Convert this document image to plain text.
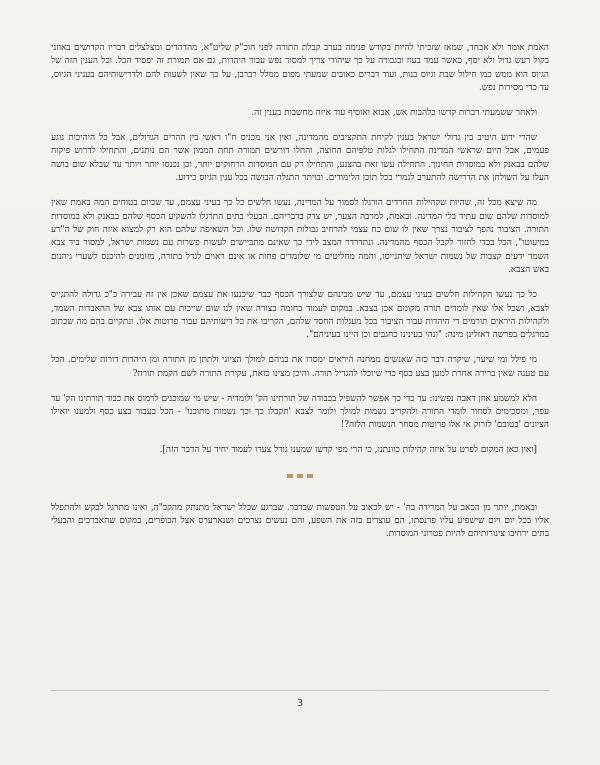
האמת אומר ולא אכחד, שמאז שזכיתי להיות בקודש פנימה בערב קבלת התורה לפני הוכ"ק שליט"א, מהדהדים ומצלצלים דבריו הקדושים באוזני בקול רעש גדול ולא יסף, כאשר עמד בעוז ובגבורה על כך שיהודי צריך למסור נפש עבור היהדות, גם אם תמורת זה יפסיד הכל. וכל הענין הזה של הגיוס הוא ממש כמו חילול שבת וגיוס בנות, ועוד דברים כאובים שמעתי מפום ממלל רברבן, על כך שאין לשעות להם ולדרישותיהם בעניני הגיוס, עד כדי מסירות נפש.

ולאחר ששמעתי דברות קדשו כלהבות אש, אבוא ואוסיף עוד איזה מחשבות בענין זה.

שהרי ידוע היטיב בין גדולי ישראל בענין לקיחת התקציבים מהמדינה, ואין אני מכניס ח"ו ראשי בין ההרים הגדולים, אבל כל היהיכות נוגע פעמים, אבל היום שראשי המדינה התחילו לגלות טלפיהם החוצה, והחלו דורשים תמורה תחת הממון אשר הם נותנים, והתחילו לדרוש פיקוח שלהם בבאנק ולא במוסדות החינוך. התחילה עשו זאת בהצנע, והתחילו רק עם המוסדות הרחוקים יותר, וכן נכנסו יותר ויותר עד שבלא שום בושה העלו על השולחן את הדרישה להתערב לגמרי בכל תוכן הלימודים. ובויתר התגלה הבושה בכל ענין הגיוס כידוע.

מה שיצא מכל זה, שהיות שקהילות החרדים הורגלו לסמוך על המדינה, נעשו חלשים כל כך בעיני עצמם, עד שכיום בטוחים המה באמת שאין למוסדות שלהם שום עתיד בלי המדינה. ובאמת, למרבה הצער, יש צדק בדבריהם. הבעלי בתים התרגלו להשקיע הכסף שלהם בבאנק ולא במוסדות התורה. הציבור נהפך לציבור נצרך שאין לו שום כח עצמי להרחיב גבולות הקדושה שלו. וכל השאיפה שלהם הוא רק למצוא איזה חוק של ה"רע במיעוטו", הכל בכדי לחזור לקבל הכסף מהמדינה. ונתדרדר המצב לידי כך שאינם מתביישים לעשות פשרות עם נשמות ישראל, למסור ביד צבא השמד ידעים קצבות של נשמות ישראל שיתגייסו, והמה מחליטים מי שלומדים פחות או אינם ראוים לגדל בתורה, מזומנים להיכנס לשערי גיהנום באש הצבא.

כל כך נעשו הקהילות חלשים בעיני עצמם, עד שיש מבינהם שלצורך הכסף כבר שיכנעו את עצמם שאכן אין זה עבירה כ"כ גדולה להתגייס לצבא, ושכל אלו שאין לומדים תורה מקומם אכן בצבא. במקום לעמוד כחומה בצורה שאין לנו שום שייכות עם אותו צבא של ההאבדות השמד, ולקהילות היראים תורמים די היהדות עבור הציבור בכל מעגלות החסד שלהם, הקריבו את כל דיעותיהם עבור פרוטות אלו. ונתקיים בהם מה שכתוב במרגלים בפרשה דאזלינן מינה: "ונהי בעינינו כחגבים וכן היינו בעיניהם".

מי פילל ומי שיער, שיקרה דבר כזה שאנשים ממחנה היראים ימסרו את בניהם למולך הציוני ולתתן מן התורה ומן היהדות דורות שלימים. הכל עם טענה שאין ברירה אחרת למען בצע כסף כדי שיוכלו להגדיל תורה. והיכן מצינו כזאת, עקירת התורה לשם הקמת תורה?

הלא למשמע אוזן דאבה נפשינו: עד כדי כך אפשר להשפיל בכבודה של תורתינו הק' ולומדיה - שיש מי שמוכנים לרמוס את כבוד תורתינו הק' עד עפר, ומסכימים לסחור לומדי התורה ולהקריב נשמות למולך ולומר לצבא 'תקבלו כך וכך נשמות מתוכנו' - הכל בעבור בצע כסף ולמענו יואילו הציונים 'בטובם' לזרוק אי אלו פרוטות מסחר הנשמות הלזה?!

[ואין כאן המקום לפרט על איזה קהילות כוונתנו, כי הרי מפי קדשו שמענו גודל צערו לעמוד יחיד על הדבר הזה].

ובאמת, יותר מן הכאב על המרידה בה' - יש לכאוב על הטפשות שבדבר. שברגע שכלל ישראל מתנתק מהקב"ה, ואינו מתרגל לבקש ולהתפלל אליו בכל יום ויום שישפיע עליו פרנסתו, הם עוצרים בזה את השפע, והם נעשים נצרכים ושנארערס אצל הכופרים, במקום שהאברכים והבעלי בתים ירחיבו צינורותיהם להיות פטרוני המוסדות.

3
